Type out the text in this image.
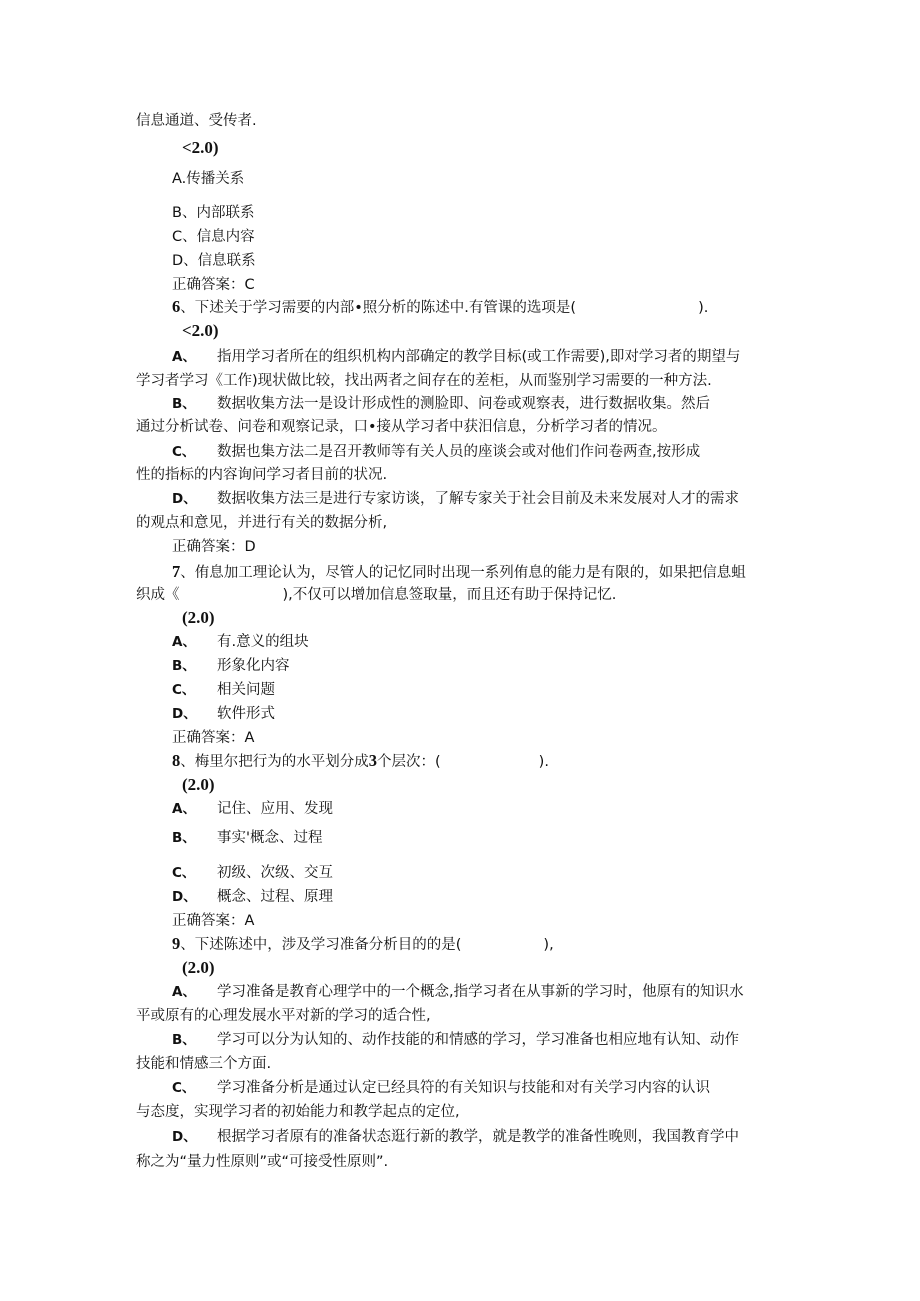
信息通道、受传者.
<2.0)
A.传播关系
B、内部联系
C、信息内容
D、信息联系
正确答案：C
6、下述关于学习需要的内部•照分析的陈述中.有管课的选项是(	).
<2.0)
A、 指用学习者所在的组织机构内部确定的教学目标(或工作需要),即对学习者的期望与
学习者学习《工作)现状做比较，找出两者之间存在的差柜，从而鉴别学习需要的一种方法.
B、 数据收集方法一是设计形成性的测脸即、问卷或观察表，进行数据收集。然后
通过分析试卷、问卷和观察记录，口•接从学习者中获汨信息，分析学习者的情况。
C、 数据也集方法二是召开教师等有关人员的座谈会或对他们作问卷两查,按形成
性的指标的内容询问学习者目前的状况.
D、 数据收集方法三是进行专家访谈，了解专家关于社会目前及未来发展对人才的需求
的观点和意见，并进行有关的数据分析,
正确答案：D
7、侑息加工理论认为，尽管人的记忆同时出现一系列侑息的能力是有限的，如果把信息蛆
织成《	),不仅可以增加信息签取量，而且还有助于保持记忆.
(2.0)
A、 有.意义的组块
B、 形象化内容
C、 相关问题
D、 软件形式
正确答案：A
8、梅里尔把行为的水平划分成3个层次：(	).
(2.0)
A、 记住、应用、发现
B、 事实'概念、过程
C、 初级、次级、交互
D、 概念、过程、原理
正确答案：A
9、下述陈述中，涉及学习准备分析目的的是(	),
(2.0)
A、 学习准备是教育心理学中的一个概念,指学习者在从事新的学习时，他原有的知识水
平或原有的心理发展水平对新的学习的适合性,
B、 学习可以分为认知的、动作技能的和情感的学习，学习准备也相应地有认知、动作
技能和情感三个方面.
C、 学习准备分析是通过认定已经具符的有关知识与技能和对有关学习内容的认识
与态度，实现学习者的初始能力和教学起点的定位,
D、 根据学习者原有的准备状态逛行新的教学，就是教学的准备性晚则，我国教育学中
称之为“量力性原则”或“可接受性原则”.
